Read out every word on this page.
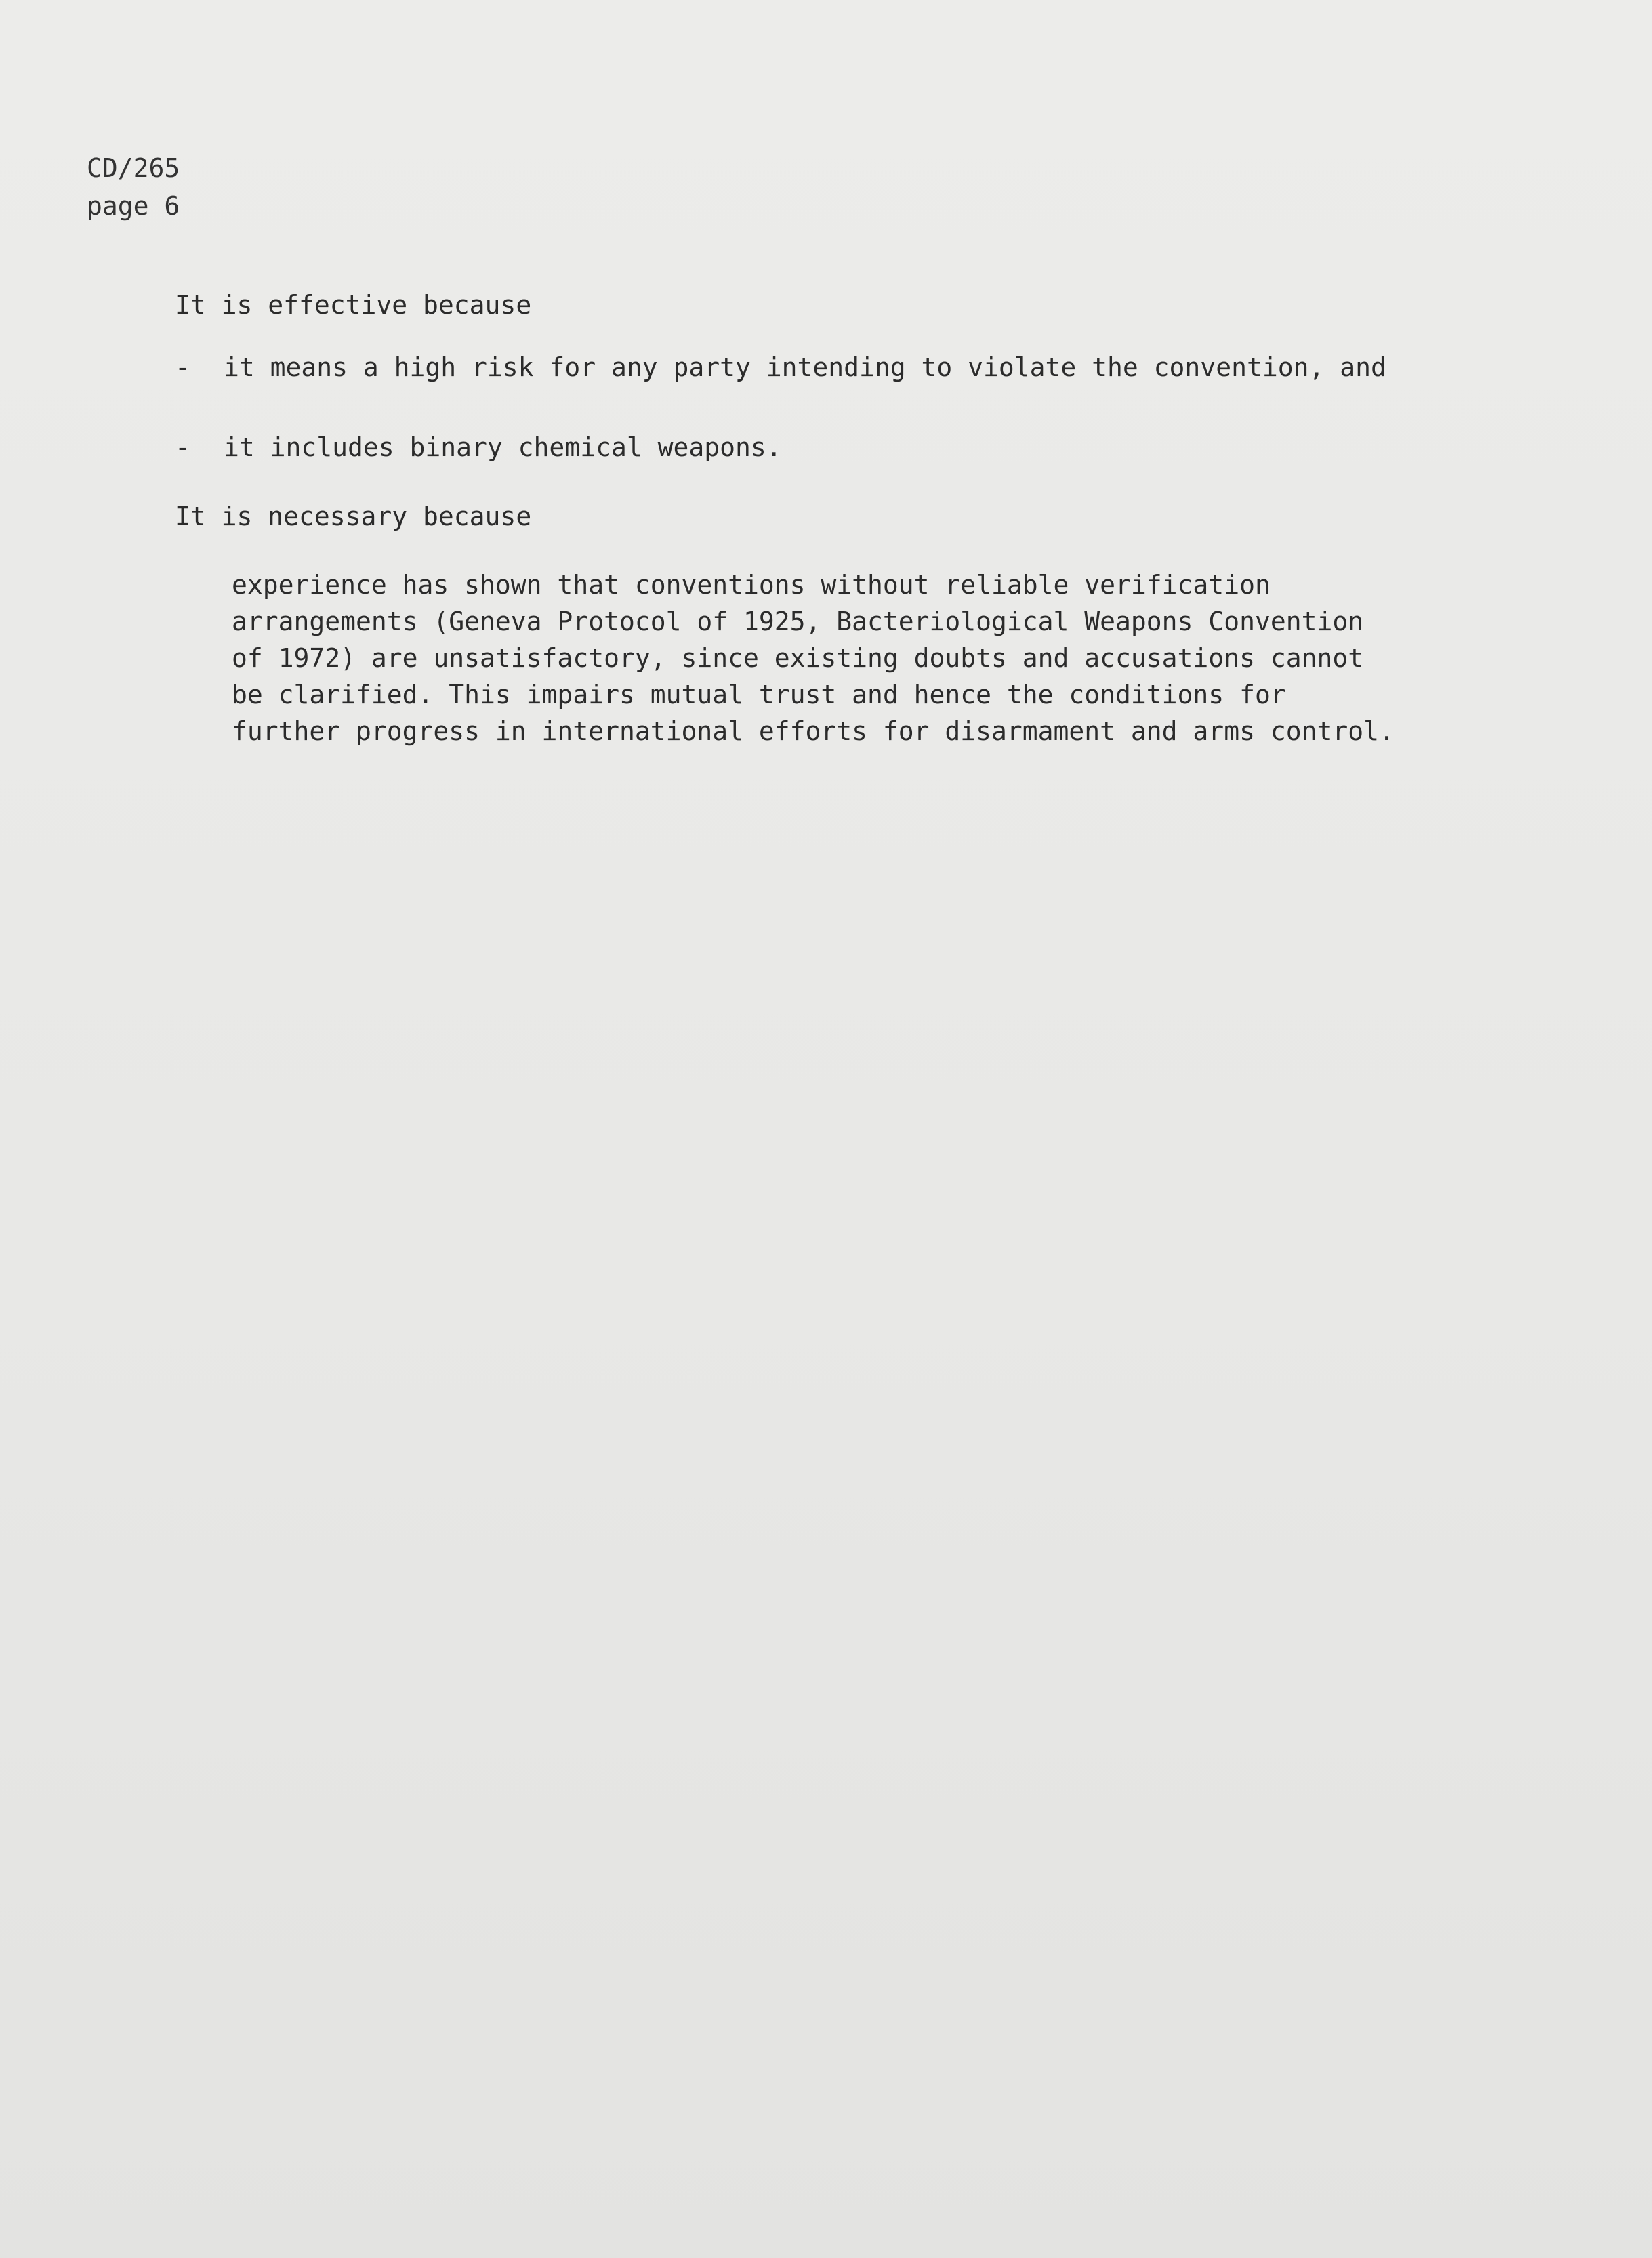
CD/265
page 6
It is effective because
- it means a high risk for any party intending to violate the convention, and
- it includes binary chemical weapons.
It is necessary because
experience has shown that conventions without reliable verification
arrangements (Geneva Protocol of 1925, Bacteriological Weapons Convention
of 1972) are unsatisfactory, since existing doubts and accusations cannot
be clarified. This impairs mutual trust and hence the conditions for
further progress in international efforts for disarmament and arms control.
